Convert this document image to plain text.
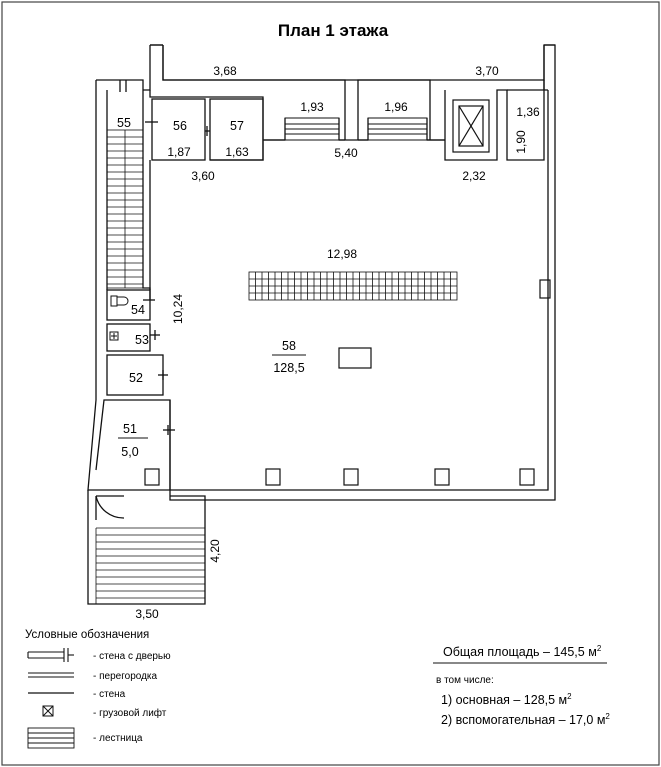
План 1 этажа
55	56	57
54
53
52
51
5,0
58
128,5
3,68	3,70
1,93	1,96	1,36
1,90
1,87	1,63	5,40
3,60	2,32
12,98
10,24
4,20
3,50
Условные обозначения
- стена с дверью
- перегородка
- стена
- грузовой лифт
- лестница
Общая площадь – 145,5 $м^2$
в том числе:
1) основная – 128,5 $м^2$
2) вспомогательная – 17,0 $м^2$
